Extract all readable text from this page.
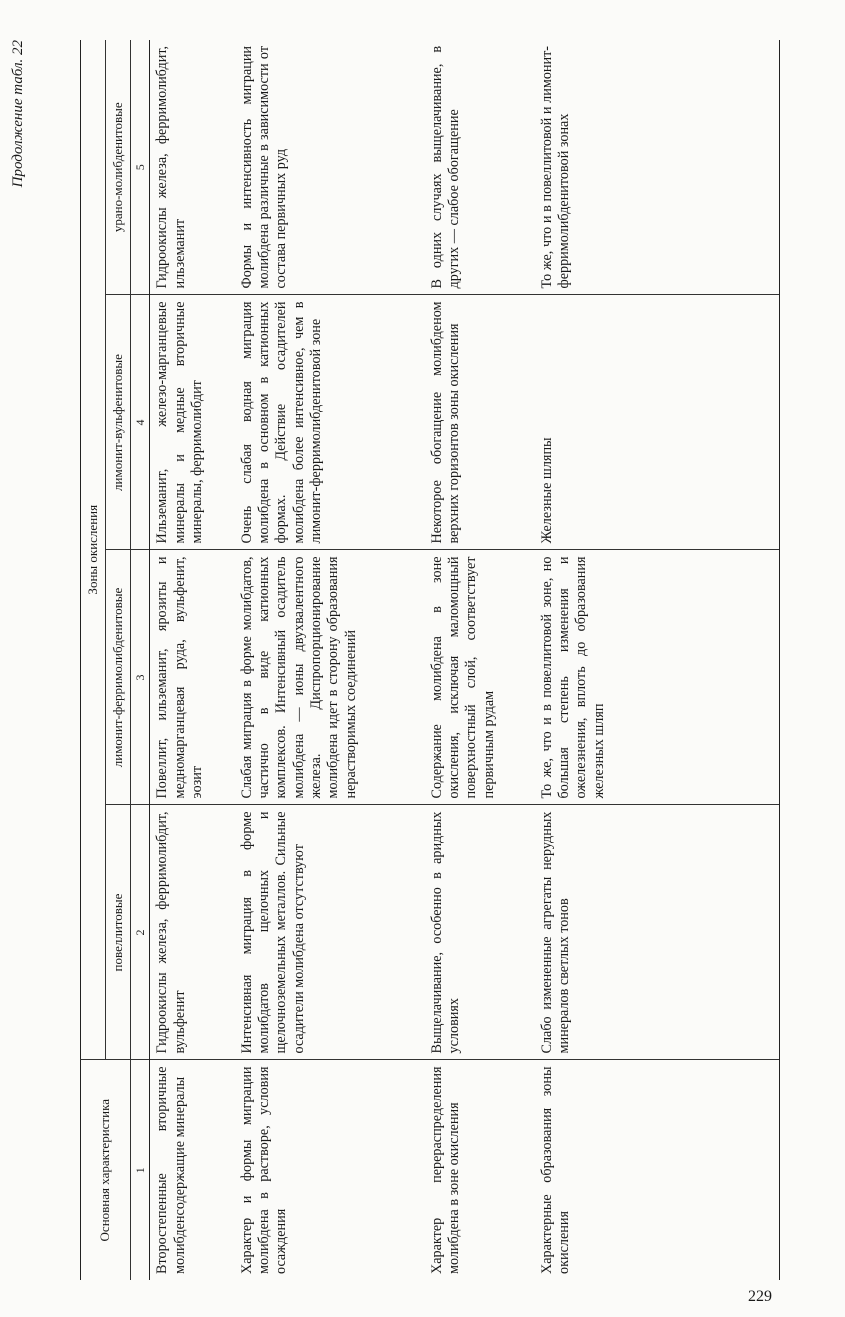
Продолжение табл. 22
Основная характеристика	Зоны окисления			
	повеллитовые	лимонит-ферримолибденитовые	лимонит-вульфенитовые	урано-молибденитовые
1	2	3	4	5
Второстепенные вторичные молибденсодержащие минералы	Гидроокислы железа, ферримолибдит, вульфенит	Повеллит, ильземанит, ярозиты и медномарганцевая руда, вульфенит, эозит	Ильземанит, железо-марганцевые минералы и медные вторичные минералы, ферримолибдит	Гидроокислы железа, ферримолибдит, ильземанит
Характер и формы миграции молибдена в растворе, условия осаждения	Интенсивная миграция в форме молибдатов щелочных и щелочноземельных металлов. Сильные осадители молибдена отсутствуют	Слабая миграция в форме молибдатов, частично в виде катионных комплексов. Интенсивный осадитель молибдена — ионы двухвалентного железа. Диспропорционирование молибдена идет в сторону образования нерастворимых соединений	Очень слабая водная миграция молибдена в основном в катионных формах. Действие осадителей молибдена более интенсивное, чем в лимонит-ферримолибденитовой зоне	Формы и интенсивность миграции молибдена различные в зависимости от состава первичных руд
Характер перераспределения молибдена в зоне окисления	Выщелачивание, особенно в аридных условиях	Содержание молибдена в зоне окисления, исключая маломощный поверхностный слой, соответствует первичным рудам	Некоторое обогащение молибденом верхних горизонтов зоны окисления	В одних случаях выщелачивание, в других — слабое обогащение
Характерные образования зоны окисления	Слабо измененные агрегаты нерудных минералов светлых тонов	То же, что и в повеллитовой зоне, но большая степень изменения и ожелезнения, вплоть до образования железных шляп	Железные шляпы	То же, что и в повеллитовой и лимонит-ферримолибденитовой зонах
229
